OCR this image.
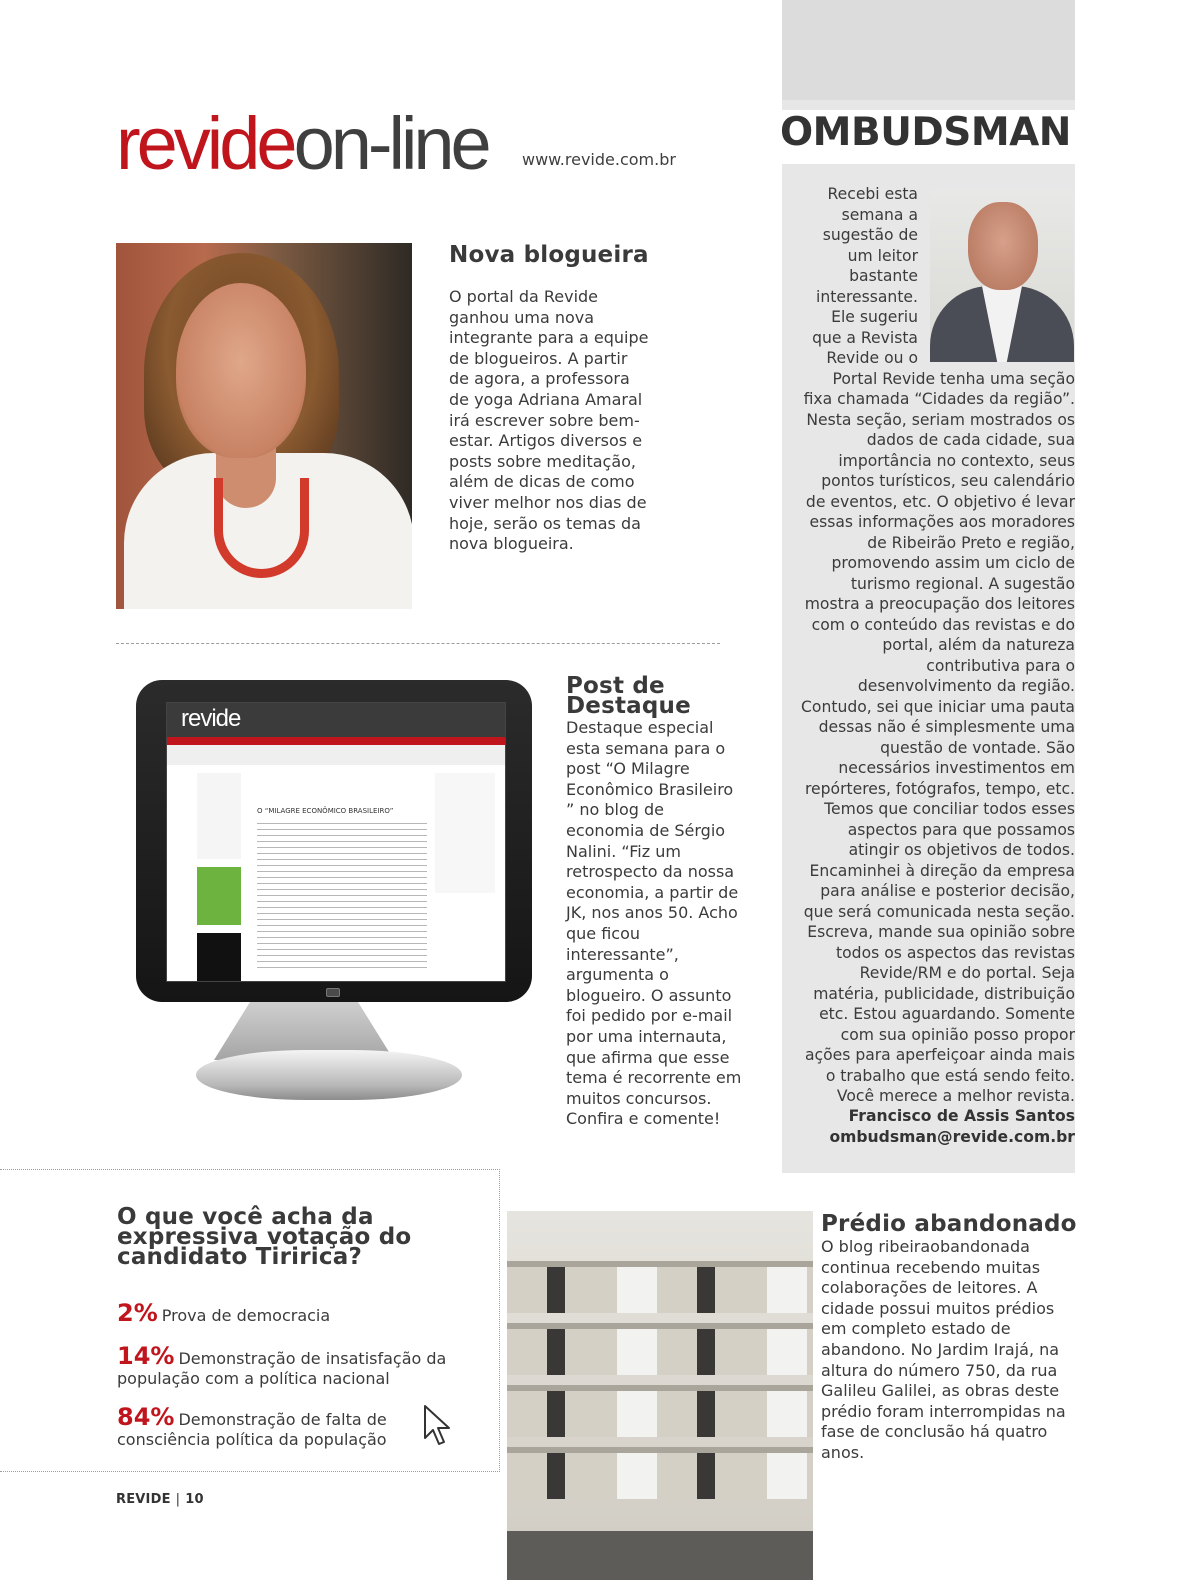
revideon-line www.revide.com.br
Nova blogueira
O portal da Revide ganhou uma nova integrante para a equipe de blogueiros. A partir de agora, a professora de yoga Adriana Amaral irá escrever sobre bem-estar. Artigos diversos e posts sobre meditação, além de dicas de como viver melhor nos dias de hoje, serão os temas da nova blogueira.
revide
O “MILAGRE ECONÔMICO BRASILEIRO”
Post de Destaque
Destaque especial esta semana para o post “O Milagre Econômico Brasileiro ” no blog de economia de Sérgio Nalini. “Fiz um retrospecto da nossa economia, a partir de JK, nos anos 50. Acho que ficou interessante”, argumenta o blogueiro. O assunto foi pedido por e-mail por uma internauta, que afirma que esse tema é recorrente em muitos concursos. Confira e comente!
OMBUDSMAN
Recebi esta semana a sugestão de um leitor bastante interessante. Ele sugeriu que a Revista Revide ou o
Portal Revide tenha uma seção fixa chamada “Cidades da região”. Nesta seção, seriam mostrados os dados de cada cidade, sua importância no contexto, seus pontos turísticos, seu calendário de eventos, etc. O objetivo é levar essas informações aos moradores de Ribeirão Preto e região, promovendo assim um ciclo de turismo regional. A sugestão mostra a preocupação dos leitores com o conteúdo das revistas e do portal, além da natureza contributiva para o desenvolvimento da região. Contudo, sei que iniciar uma pauta dessas não é simplesmente uma questão de vontade. São necessários investimentos em repórteres, fotógrafos, tempo, etc. Temos que conciliar todos esses aspectos para que possamos atingir os objetivos de todos. Encaminhei à direção da empresa para análise e posterior decisão, que será comunicada nesta seção. Escreva, mande sua opinião sobre todos os aspectos das revistas Revide/RM e do portal. Seja matéria, publicidade, distribuição etc. Estou aguardando. Somente com sua opinião posso propor ações para aperfeiçoar ainda mais o trabalho que está sendo feito. Você merece a melhor revista.
Francisco de Assis Santos
ombudsman@revide.com.br
O que você acha da expressiva votação do candidato Tiririca?
2% Prova de democracia
14% Demonstração de insatisfação da população com a política nacional
84% Demonstração de falta de consciência política da população
Prédio abandonado
O blog ribeiraobandonada continua recebendo muitas colaborações de leitores. A cidade possui muitos prédios em completo estado de abandono. No Jardim Irajá, na altura do número 750, da rua Galileu Galilei, as obras deste prédio foram interrompidas na fase de conclusão há quatro anos.
REVIDE | 10
